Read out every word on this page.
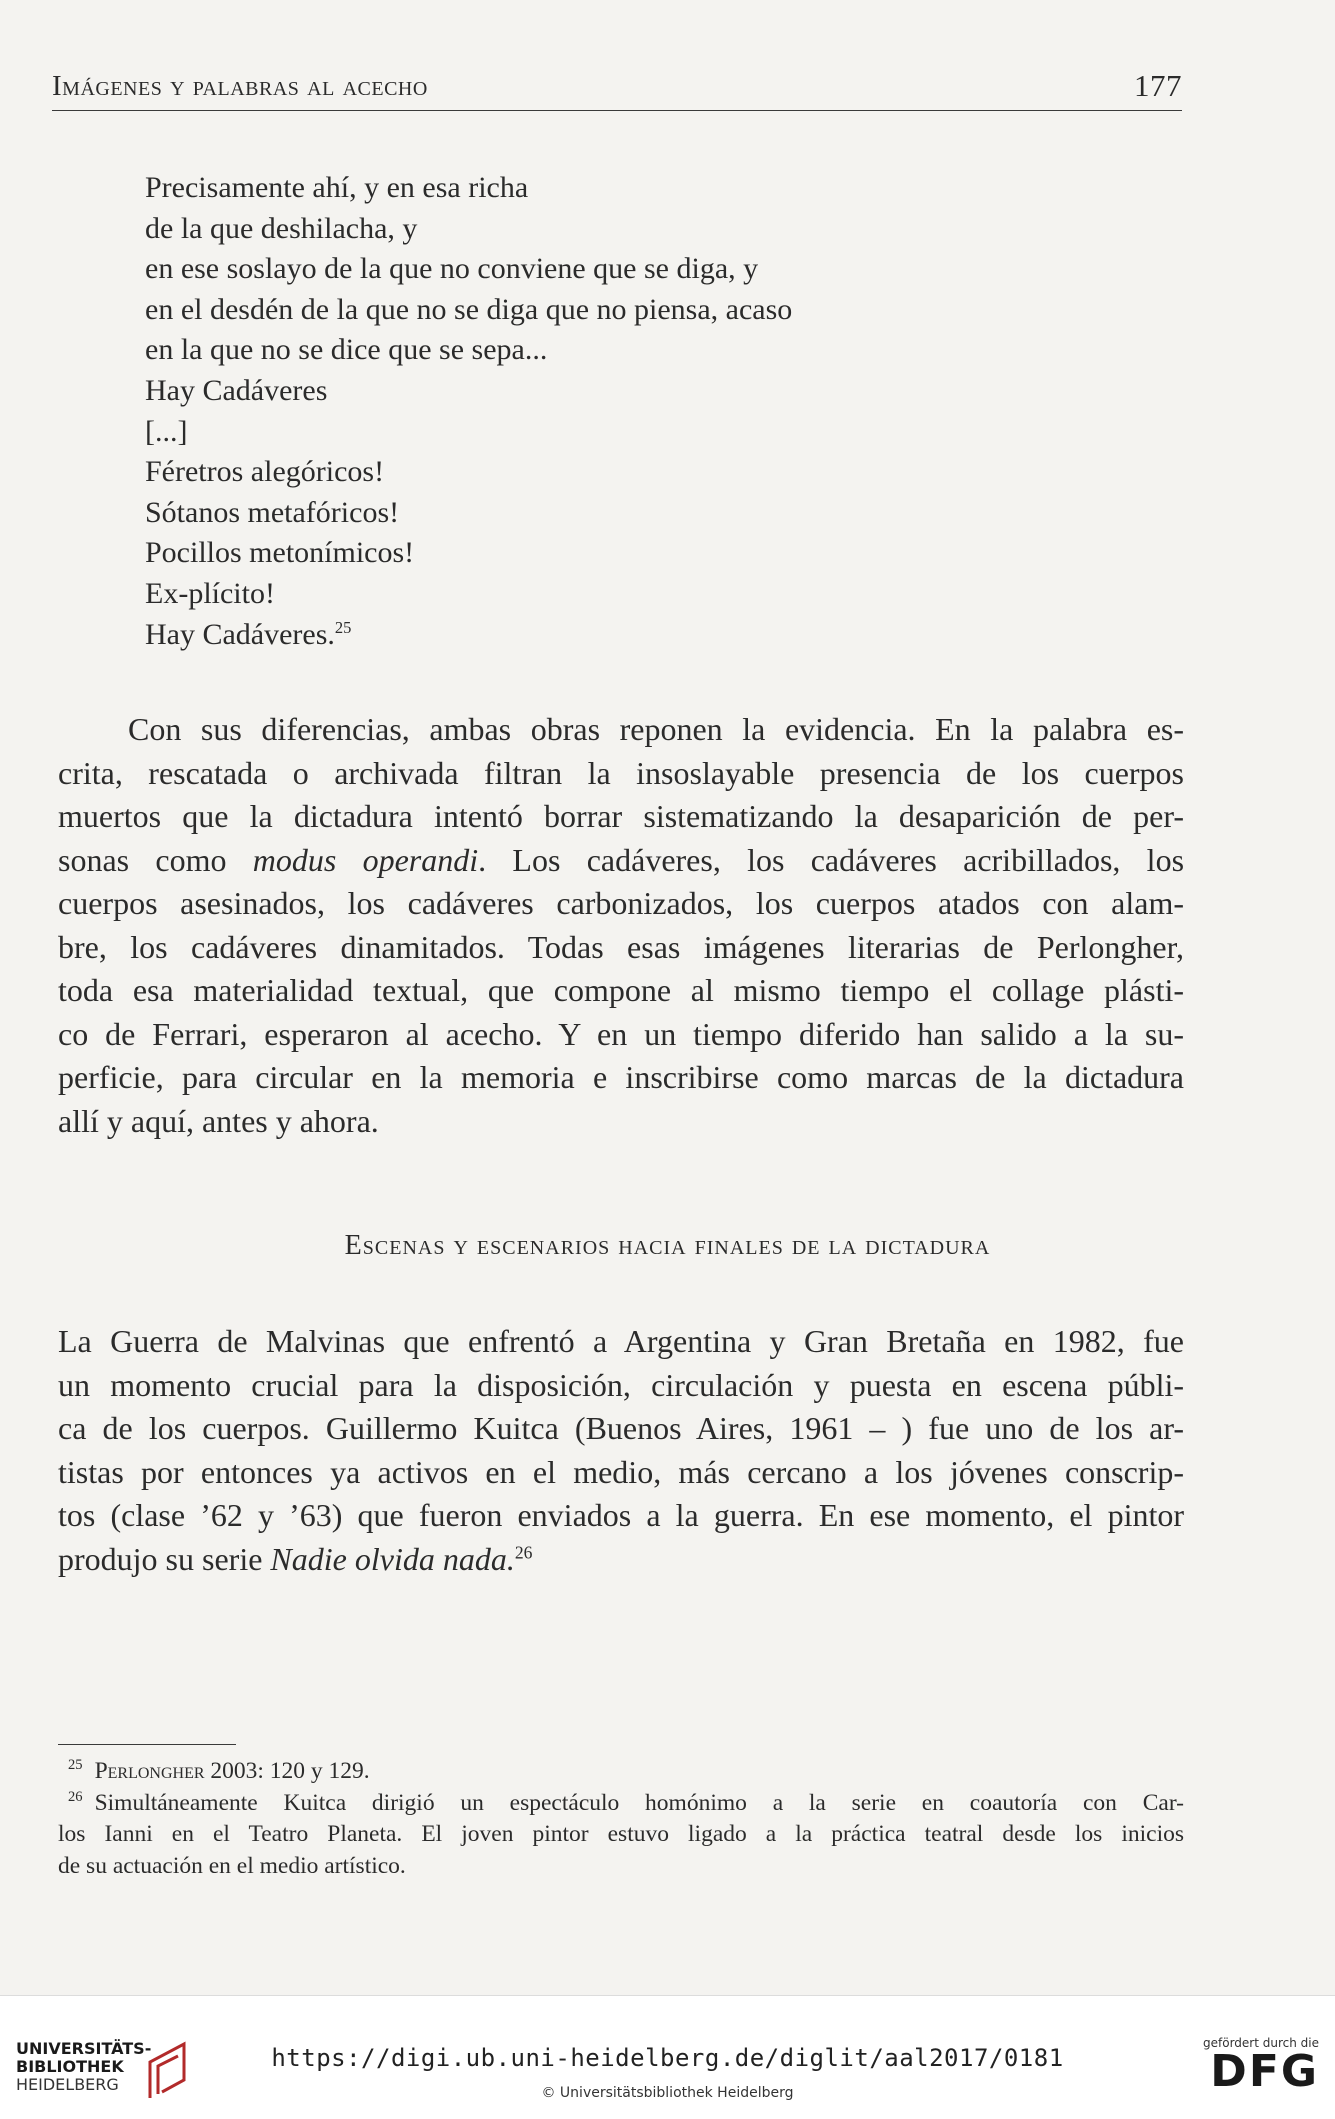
Imágenes y palabras al acecho	177
Precisamente ahí, y en esa richa
de la que deshilacha, y
en ese soslayo de la que no conviene que se diga, y
en el desdén de la que no se diga que no piensa, acaso
en la que no se dice que se sepa...
Hay Cadáveres
[...]
Féretros alegóricos!
Sótanos metafóricos!
Pocillos metonímicos!
Ex-plícito!
Hay Cadáveres.$^{25}$
Con sus diferencias, ambas obras reponen la evidencia. En la palabra es-
crita, rescatada o archivada filtran la insoslayable presencia de los cuerpos
muertos que la dictadura intentó borrar sistematizando la desaparición de per-
sonas como modus operandi. Los cadáveres, los cadáveres acribillados, los
cuerpos asesinados, los cadáveres carbonizados, los cuerpos atados con alam-
bre, los cadáveres dinamitados. Todas esas imágenes literarias de Perlongher,
toda esa materialidad textual, que compone al mismo tiempo el collage plásti-
co de Ferrari, esperaron al acecho. Y en un tiempo diferido han salido a la su-
perficie, para circular en la memoria e inscribirse como marcas de la dictadura
allí y aquí, antes y ahora.
Escenas y escenarios hacia finales de la dictadura
La Guerra de Malvinas que enfrentó a Argentina y Gran Bretaña en 1982, fue
un momento crucial para la disposición, circulación y puesta en escena públi-
ca de los cuerpos. Guillermo Kuitca (Buenos Aires, 1961 – ) fue uno de los ar-
tistas por entonces ya activos en el medio, más cercano a los jóvenes conscrip-
tos (clase ’62 y ’63) que fueron enviados a la guerra. En ese momento, el pintor
produjo su serie Nadie olvida nada.$^{26}$
$^{25}$ Perlongher 2003: 120 y 129.
$^{26}$ Simultáneamente Kuitca dirigió un espectáculo homónimo a la serie en coautoría con Car-
los Ianni en el Teatro Planeta. El joven pintor estuvo ligado a la práctica teatral desde los inicios
de su actuación en el medio artístico.
UNIVERSITÄTS-
BIBLIOTHEK
HEIDELBERG
https://digi.ub.uni-heidelberg.de/diglit/aal2017/0181
© Universitätsbibliothek Heidelberg
gefördert durch die
DFG
